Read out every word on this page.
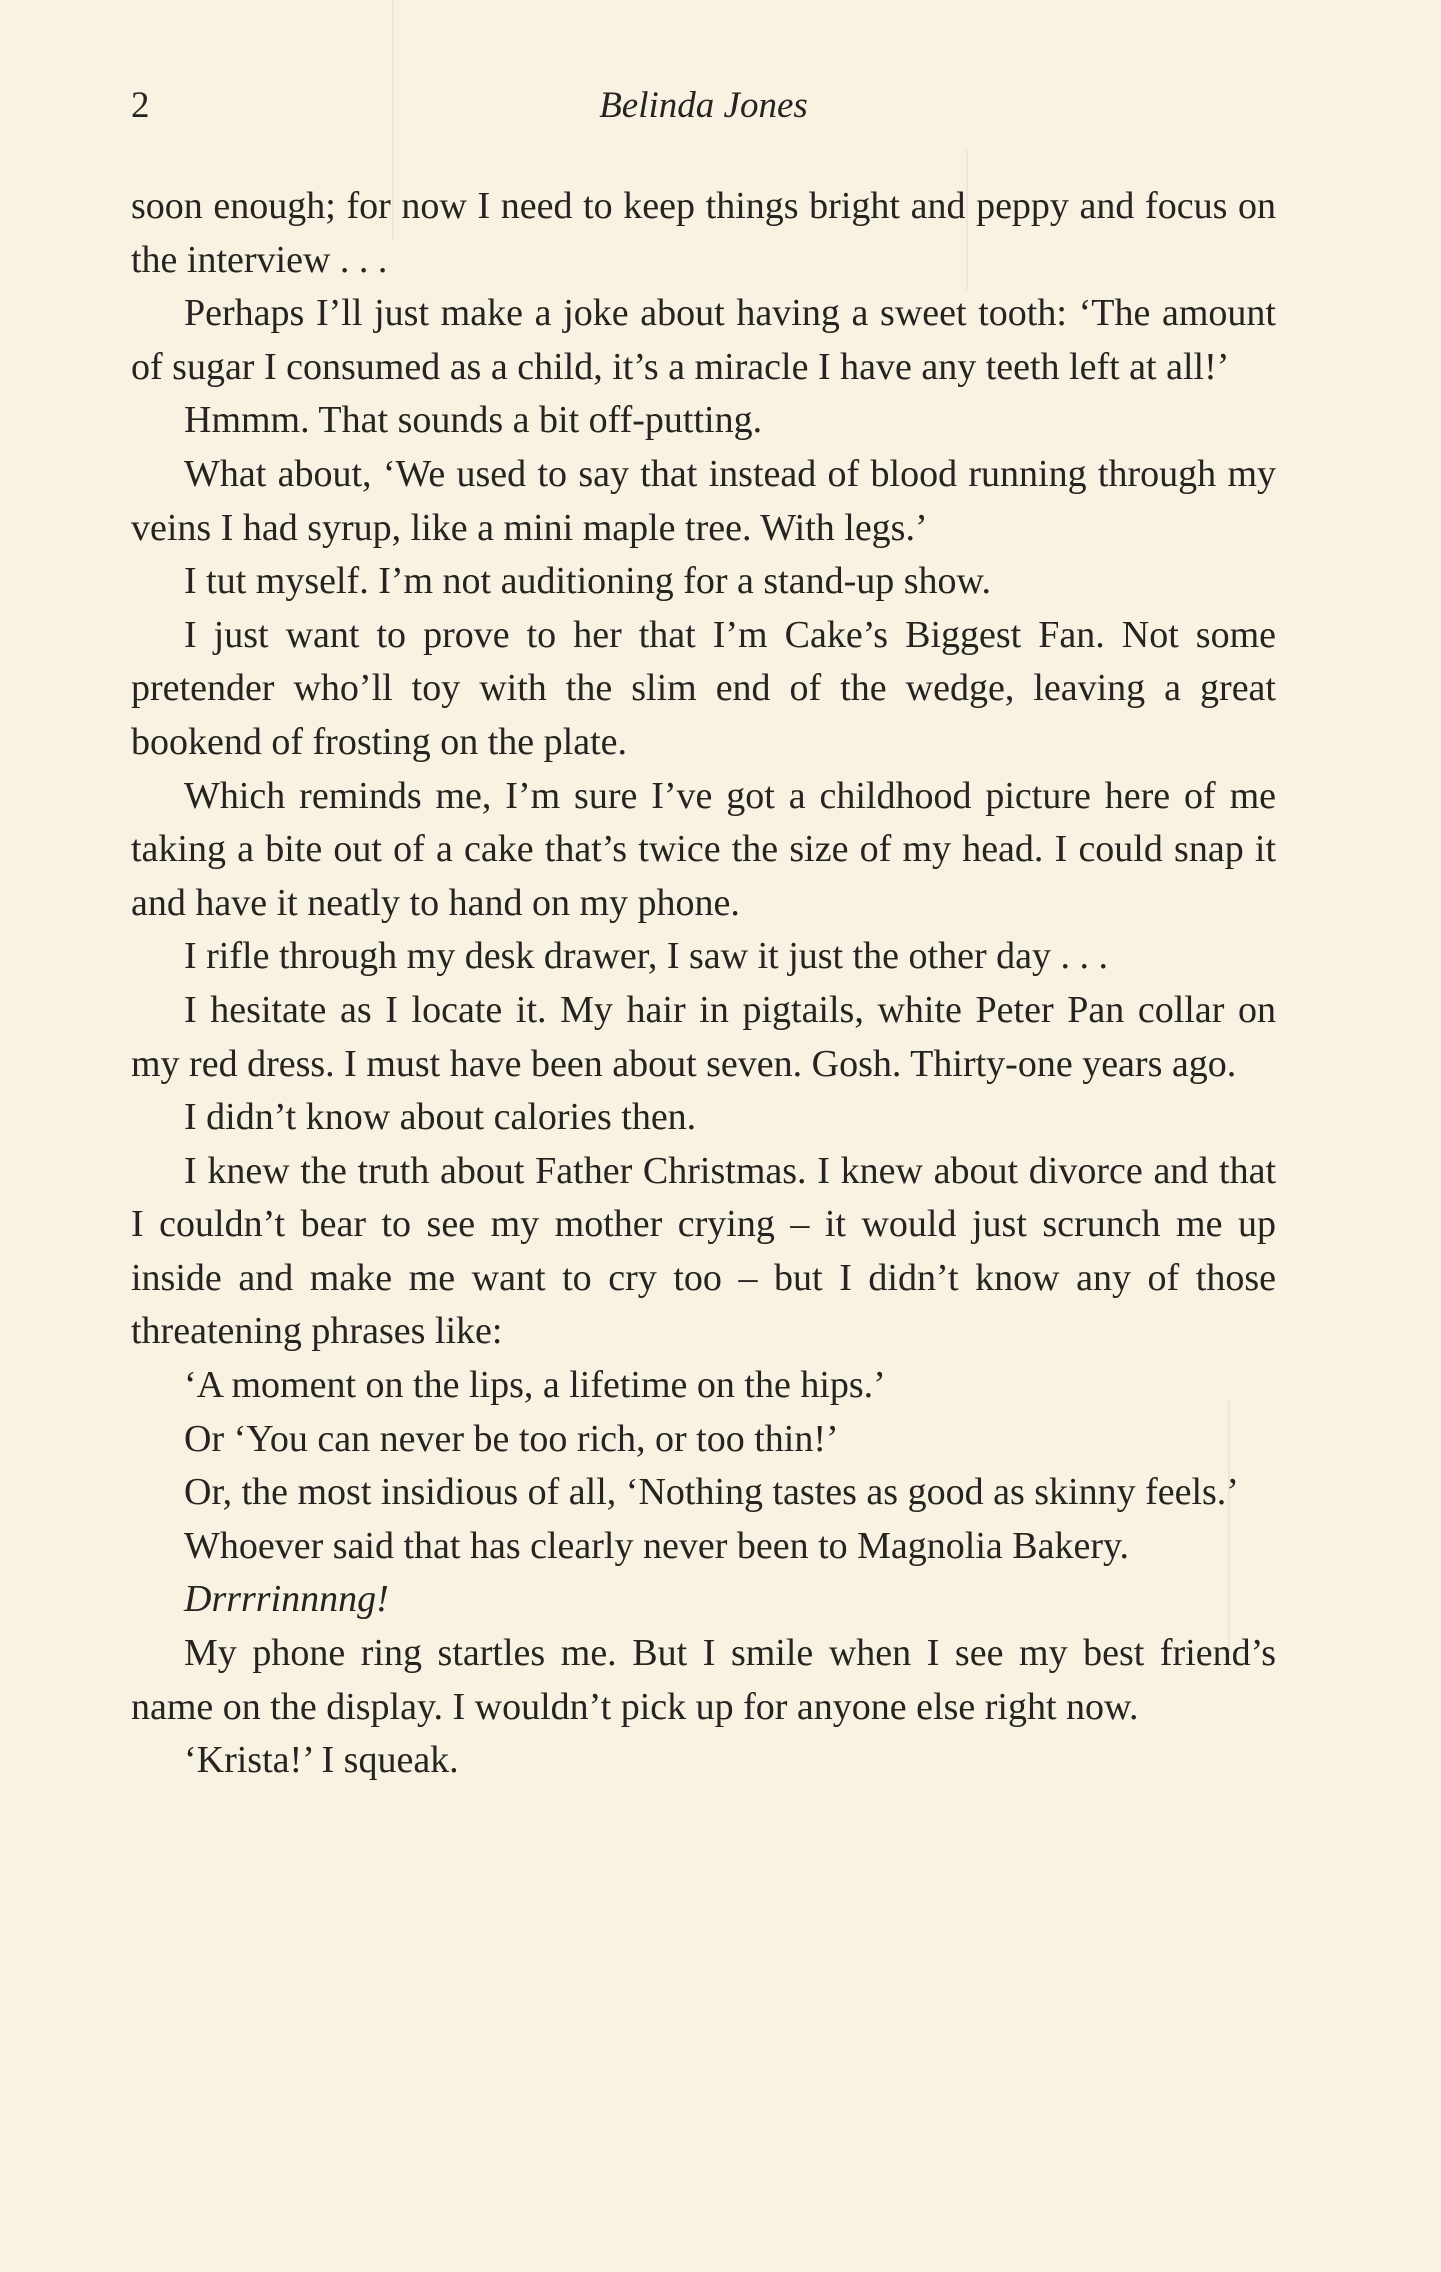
2	Belinda Jones

soon enough; for now I need to keep things bright and peppy and focus on the interview . . .

Perhaps I’ll just make a joke about having a sweet tooth: ‘The amount of sugar I consumed as a child, it’s a miracle I have any teeth left at all!’

Hmmm. That sounds a bit off-putting.

What about, ‘We used to say that instead of blood running through my veins I had syrup, like a mini maple tree. With legs.’

I tut myself. I’m not auditioning for a stand-up show.

I just want to prove to her that I’m Cake’s Biggest Fan. Not some pretender who’ll toy with the slim end of the wedge, leaving a great bookend of frosting on the plate.

Which reminds me, I’m sure I’ve got a childhood picture here of me taking a bite out of a cake that’s twice the size of my head. I could snap it and have it neatly to hand on my phone.

I rifle through my desk drawer, I saw it just the other day . . .

I hesitate as I locate it. My hair in pigtails, white Peter Pan collar on my red dress. I must have been about seven. Gosh. Thirty-one years ago.

I didn’t know about calories then.

I knew the truth about Father Christmas. I knew about divorce and that I couldn’t bear to see my mother crying – it would just scrunch me up inside and make me want to cry too – but I didn’t know any of those threatening phrases like:

‘A moment on the lips, a lifetime on the hips.’

Or ‘You can never be too rich, or too thin!’

Or, the most insidious of all, ‘Nothing tastes as good as skinny feels.’

Whoever said that has clearly never been to Magnolia Bakery.

Drrrrinnnng!

My phone ring startles me. But I smile when I see my best friend’s name on the display. I wouldn’t pick up for anyone else right now.

‘Krista!’ I squeak.
